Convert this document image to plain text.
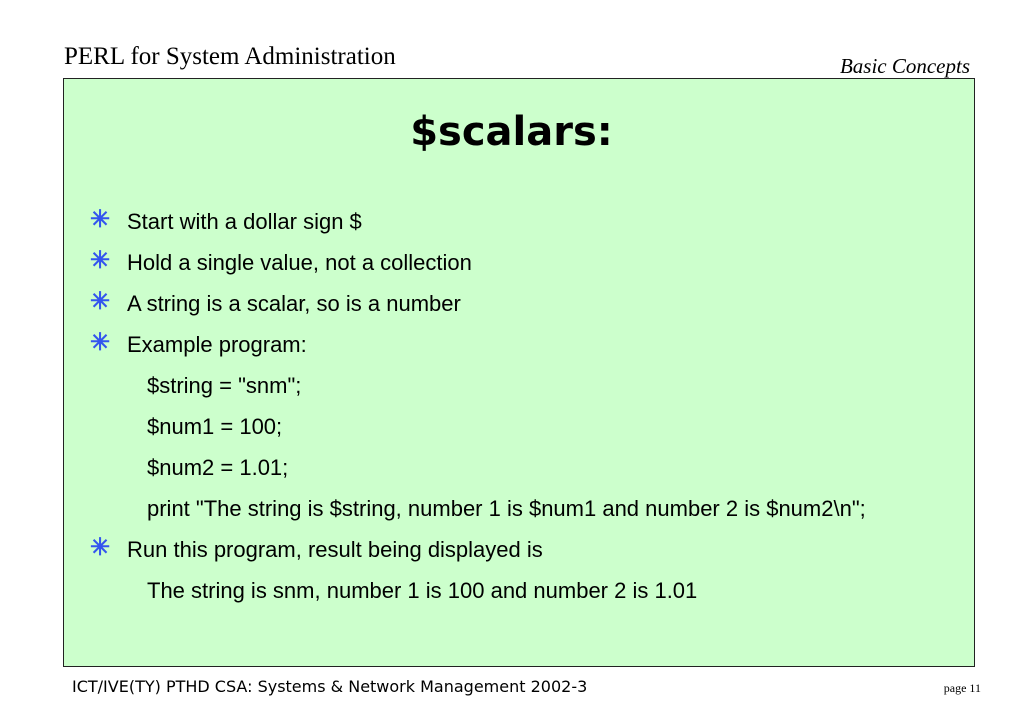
PERL for System Administration	Basic Concepts
$scalars:
✳ Start with a dollar sign $
✳ Hold a single value, not a collection
✳ A string is a scalar, so is a number
✳ Example program:
$string = "snm";
$num1 = 100;
$num2 = 1.01;
print "The string is $string, number 1 is $num1 and number 2 is $num2\n";
✳ Run this program, result being displayed is
The string is snm, number 1 is 100 and number 2 is 1.01
ICT/IVE(TY) PTHD CSA: Systems & Network Management 2002-3	page 11
